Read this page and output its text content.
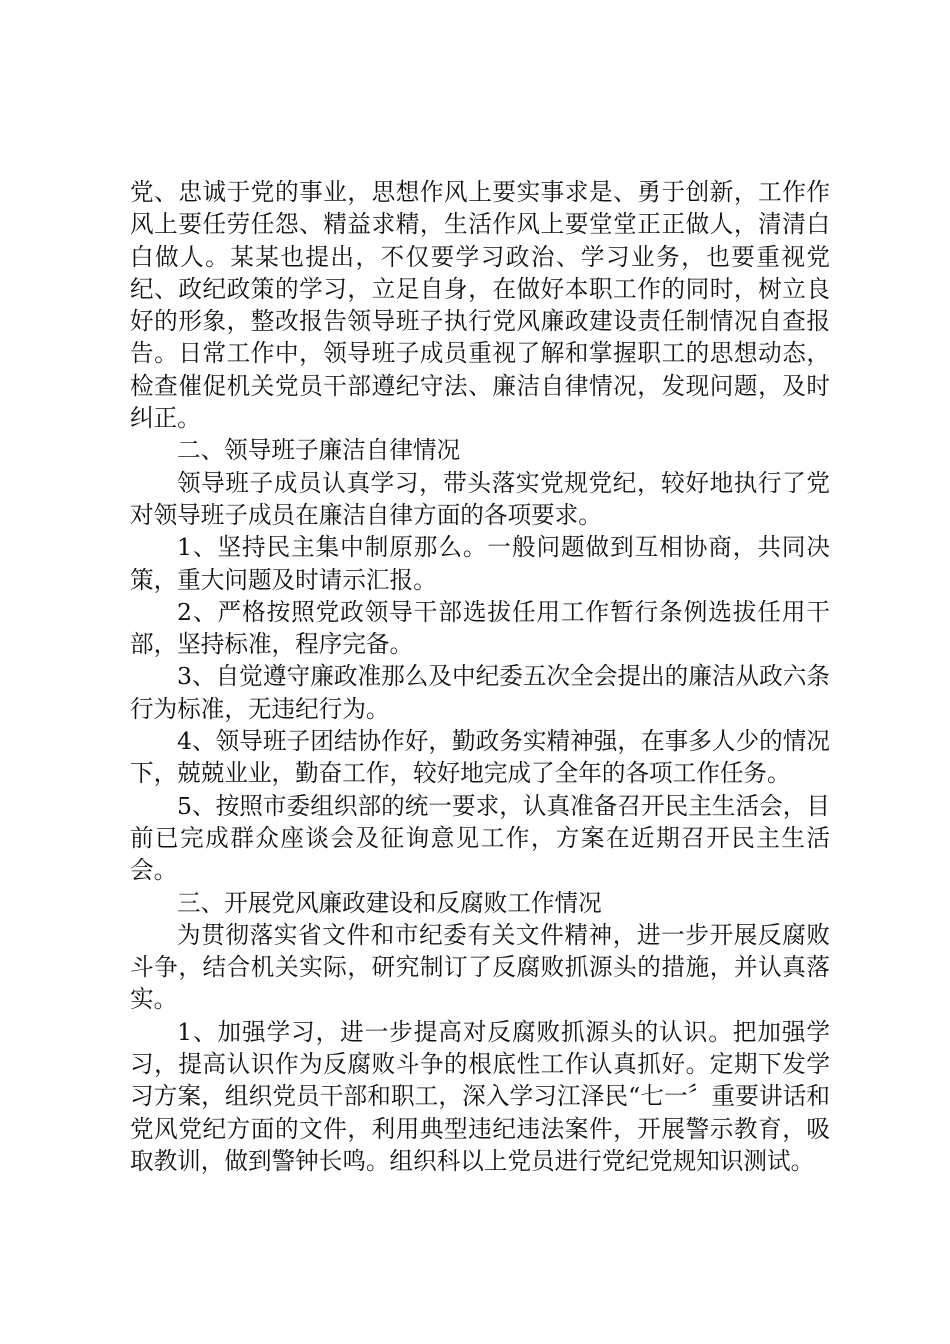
党、忠诚于党的事业，思想作风上要实事求是、勇于创新，工作作风上要任劳任怨、精益求精，生活作风上要堂堂正正做人，清清白白做人。某某也提出，不仅要学习政治、学习业务，也要重视党纪、政纪政策的学习，立足自身，在做好本职工作的同时，树立良好的形象，整改报告领导班子执行党风廉政建设责任制情况自查报告。日常工作中，领导班子成员重视了解和掌握职工的思想动态，检查催促机关党员干部遵纪守法、廉洁自律情况，发现问题，及时纠正。

二、领导班子廉洁自律情况

领导班子成员认真学习，带头落实党规党纪，较好地执行了党对领导班子成员在廉洁自律方面的各项要求。

1、坚持民主集中制原那么。一般问题做到互相协商，共同决策，重大问题及时请示汇报。

2、严格按照党政领导干部选拔任用工作暂行条例选拔任用干部，坚持标准，程序完备。

3、自觉遵守廉政准那么及中纪委五次全会提出的廉洁从政六条行为标准，无违纪行为。

4、领导班子团结协作好，勤政务实精神强，在事多人少的情况下，兢兢业业，勤奋工作，较好地完成了全年的各项工作任务。

5、按照市委组织部的统一要求，认真准备召开民主生活会，目前已完成群众座谈会及征询意见工作，方案在近期召开民主生活会。

三、开展党风廉政建设和反腐败工作情况

为贯彻落实省文件和市纪委有关文件精神，进一步开展反腐败斗争，结合机关实际，研究制订了反腐败抓源头的措施，并认真落实。

1、加强学习，进一步提高对反腐败抓源头的认识。把加强学习，提高认识作为反腐败斗争的根底性工作认真抓好。定期下发学习方案，组织党员干部和职工，深入学习江泽民“七一〞重要讲话和党风党纪方面的文件，利用典型违纪违法案件，开展警示教育，吸取教训，做到警钟长鸣。组织科以上党员进行党纪党规知识测试。
